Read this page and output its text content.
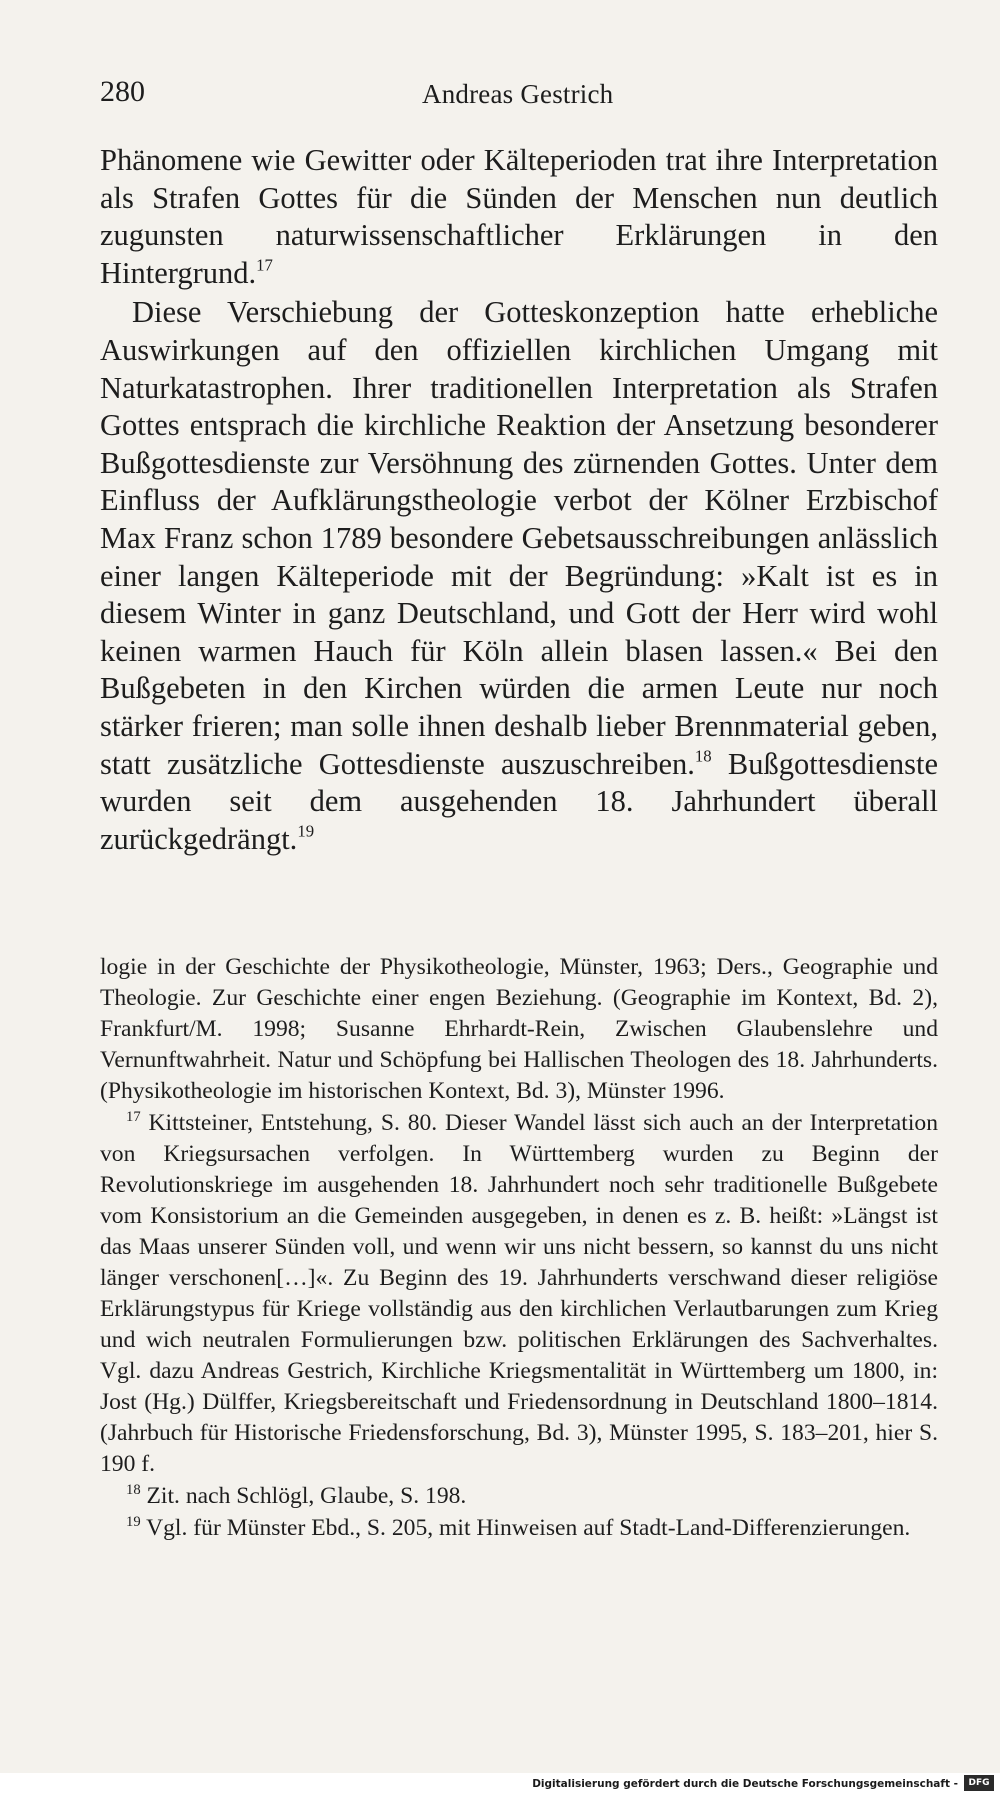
280	Andreas Gestrich

Phänomene wie Gewitter oder Kälteperioden trat ihre Interpretation als Strafen Gottes für die Sünden der Menschen nun deutlich zugunsten naturwissenschaftlicher Erklärungen in den Hintergrund.$^{17}$

Diese Verschiebung der Gotteskonzeption hatte erhebliche Auswirkungen auf den offiziellen kirchlichen Umgang mit Naturkatastrophen. Ihrer traditionellen Interpretation als Strafen Gottes entsprach die kirchliche Reaktion der Ansetzung besonderer Bußgottesdienste zur Versöhnung des zürnenden Gottes. Unter dem Einfluss der Aufklärungstheologie verbot der Kölner Erzbischof Max Franz schon 1789 besondere Gebetsausschreibungen anlässlich einer langen Kälteperiode mit der Begründung: »Kalt ist es in diesem Winter in ganz Deutschland, und Gott der Herr wird wohl keinen warmen Hauch für Köln allein blasen lassen.« Bei den Bußgebeten in den Kirchen würden die armen Leute nur noch stärker frieren; man solle ihnen deshalb lieber Brennmaterial geben, statt zusätzliche Gottesdienste auszuschreiben.$^{18}$ Bußgottesdienste wurden seit dem ausgehenden 18. Jahrhundert überall zurückgedrängt.$^{19}$

logie in der Geschichte der Physikotheologie, Münster, 1963; Ders., Geographie und Theologie. Zur Geschichte einer engen Beziehung. (Geographie im Kontext, Bd. 2), Frankfurt/M. 1998; Susanne Ehrhardt-Rein, Zwischen Glaubenslehre und Vernunftwahrheit. Natur und Schöpfung bei Hallischen Theologen des 18. Jahrhunderts. (Physikotheologie im historischen Kontext, Bd. 3), Münster 1996.

$^{17}$ Kittsteiner, Entstehung, S. 80. Dieser Wandel lässt sich auch an der Interpretation von Kriegsursachen verfolgen. In Württemberg wurden zu Beginn der Revolutionskriege im ausgehenden 18. Jahrhundert noch sehr traditionelle Bußgebete vom Konsistorium an die Gemeinden ausgegeben, in denen es z. B. heißt: »Längst ist das Maas unserer Sünden voll, und wenn wir uns nicht bessern, so kannst du uns nicht länger verschonen[…]«. Zu Beginn des 19. Jahrhunderts verschwand dieser religiöse Erklärungstypus für Kriege vollständig aus den kirchlichen Verlautbarungen zum Krieg und wich neutralen Formulierungen bzw. politischen Erklärungen des Sachverhaltes. Vgl. dazu Andreas Gestrich, Kirchliche Kriegsmentalität in Württemberg um 1800, in: Jost (Hg.) Dülffer, Kriegsbereitschaft und Friedensordnung in Deutschland 1800–1814. (Jahrbuch für Historische Friedensforschung, Bd. 3), Münster 1995, S. 183–201, hier S. 190 f.

$^{18}$ Zit. nach Schlögl, Glaube, S. 198.

$^{19}$ Vgl. für Münster Ebd., S. 205, mit Hinweisen auf Stadt-Land-Differenzierungen.

Digitalisierung gefördert durch die Deutsche Forschungsgemeinschaft -	DFG
